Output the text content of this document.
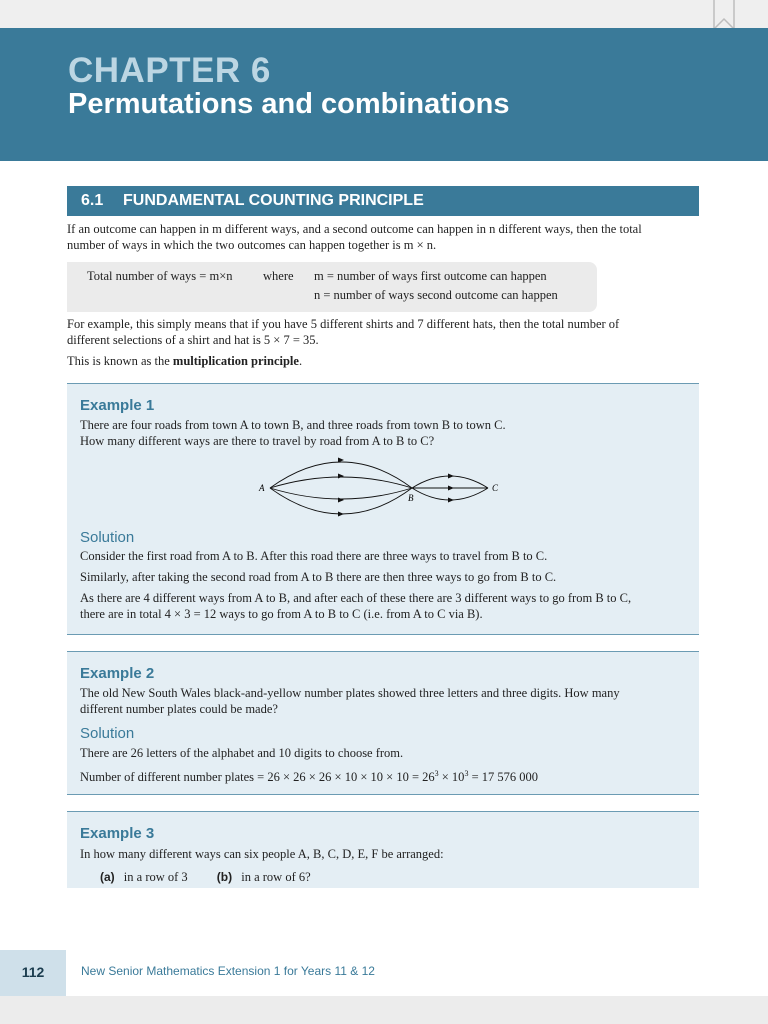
CHAPTER 6
Permutations and combinations
6.1 FUNDAMENTAL COUNTING PRINCIPLE

If an outcome can happen in m different ways, and a second outcome can happen in n different ways, then the total
number of ways in which the two outcomes can happen together is m × n.

Total number of ways = m×n where m = number of ways first outcome can happen
n = number of ways second outcome can happen

For example, this simply means that if you have 5 different shirts and 7 different hats, then the total number of
different selections of a shirt and hat is 5 × 7 = 35.

This is known as the multiplication principle.

Example 1

There are four roads from town A to town B, and three roads from town B to town C.
How many different ways are there to travel by road from A to B to C?

A
B
C
Solution

Consider the first road from A to B. After this road there are three ways to travel from B to C.

Similarly, after taking the second road from A to B there are then three ways to go from B to C.

As there are 4 different ways from A to B, and after each of these there are 3 different ways to go from B to C,
there are in total 4 × 3 = 12 ways to go from A to B to C (i.e. from A to C via B).

Example 2

The old New South Wales black-and-yellow number plates showed three letters and three digits. How many
different number plates could be made?

Solution

There are 26 letters of the alphabet and 10 digits to choose from.

Number of different number plates = $26 \times 26 \times 26 \times 10 \times 10 \times 10 = 26^3 \times 10^3 = 17$ 576 000

Example 3

In how many different ways can six people A, B, C, D, E, F be arranged:

(a) in a row of 3 (b) in a row of 6?

112	New Senior Mathematics Extension 1 for Years 11 & 12
